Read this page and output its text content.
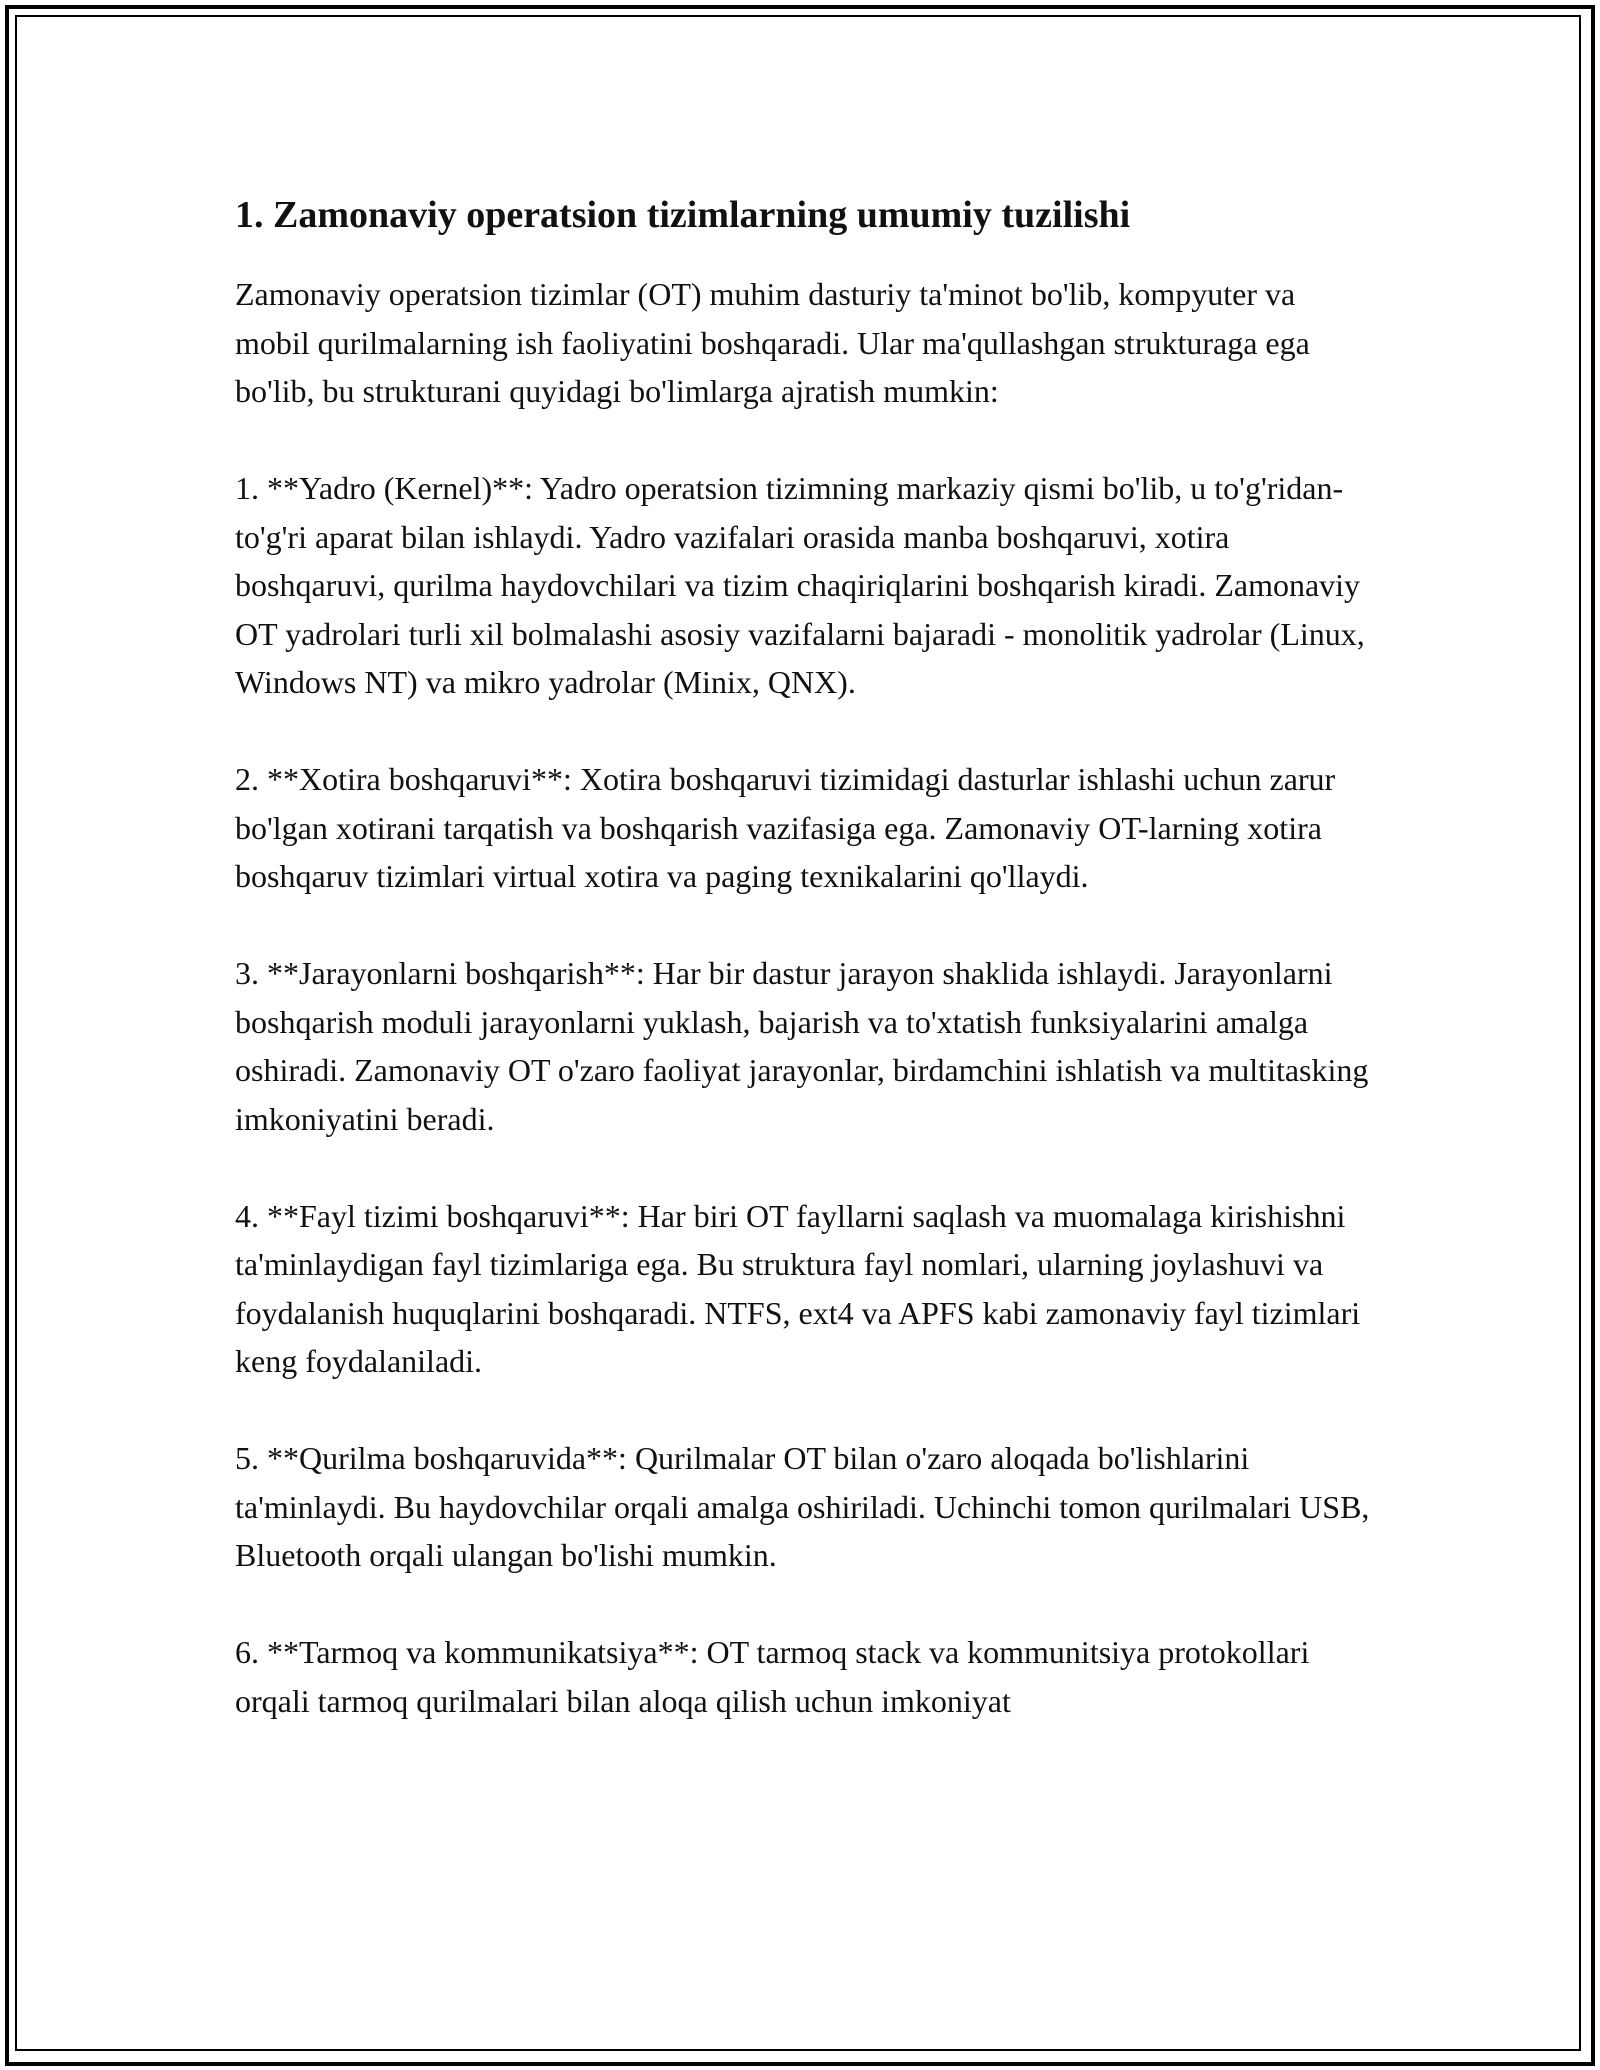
1. Zamonaviy operatsion tizimlarning umumiy tuzilishi

Zamonaviy operatsion tizimlar (OT) muhim dasturiy ta'minot bo'lib, kompyuter va mobil qurilmalarning ish faoliyatini boshqaradi. Ular ma'qullashgan strukturaga ega bo'lib, bu strukturani quyidagi bo'limlarga ajratish mumkin:

1. **Yadro (Kernel)**: Yadro operatsion tizimning markaziy qismi bo'lib, u to'g'ridan-to'g'ri aparat bilan ishlaydi. Yadro vazifalari orasida manba boshqaruvi, xotira boshqaruvi, qurilma haydovchilari va tizim chaqiriqlarini boshqarish kiradi. Zamonaviy OT yadrolari turli xil bolmalashi asosiy vazifalarni bajaradi - monolitik yadrolar (Linux, Windows NT) va mikro yadrolar (Minix, QNX).

2. **Xotira boshqaruvi**: Xotira boshqaruvi tizimidagi dasturlar ishlashi uchun zarur bo'lgan xotirani tarqatish va boshqarish vazifasiga ega. Zamonaviy OT-larning xotira boshqaruv tizimlari virtual xotira va paging texnikalarini qo'llaydi.

3. **Jarayonlarni boshqarish**: Har bir dastur jarayon shaklida ishlaydi. Jarayonlarni boshqarish moduli jarayonlarni yuklash, bajarish va to'xtatish funksiyalarini amalga oshiradi. Zamonaviy OT o'zaro faoliyat jarayonlar, birdamchini ishlatish va multitasking imkoniyatini beradi.

4. **Fayl tizimi boshqaruvi**: Har biri OT fayllarni saqlash va muomalaga kirishishni ta'minlaydigan fayl tizimlariga ega. Bu struktura fayl nomlari, ularning joylashuvi va foydalanish huquqlarini boshqaradi. NTFS, ext4 va APFS kabi zamonaviy fayl tizimlari keng foydalaniladi.

5. **Qurilma boshqaruvida**: Qurilmalar OT bilan o'zaro aloqada bo'lishlarini ta'minlaydi. Bu haydovchilar orqali amalga oshiriladi. Uchinchi tomon qurilmalari USB, Bluetooth orqali ulangan bo'lishi mumkin.

6. **Tarmoq va kommunikatsiya**: OT tarmoq stack va kommunitsiya protokollari orqali tarmoq qurilmalari bilan aloqa qilish uchun imkoniyat
